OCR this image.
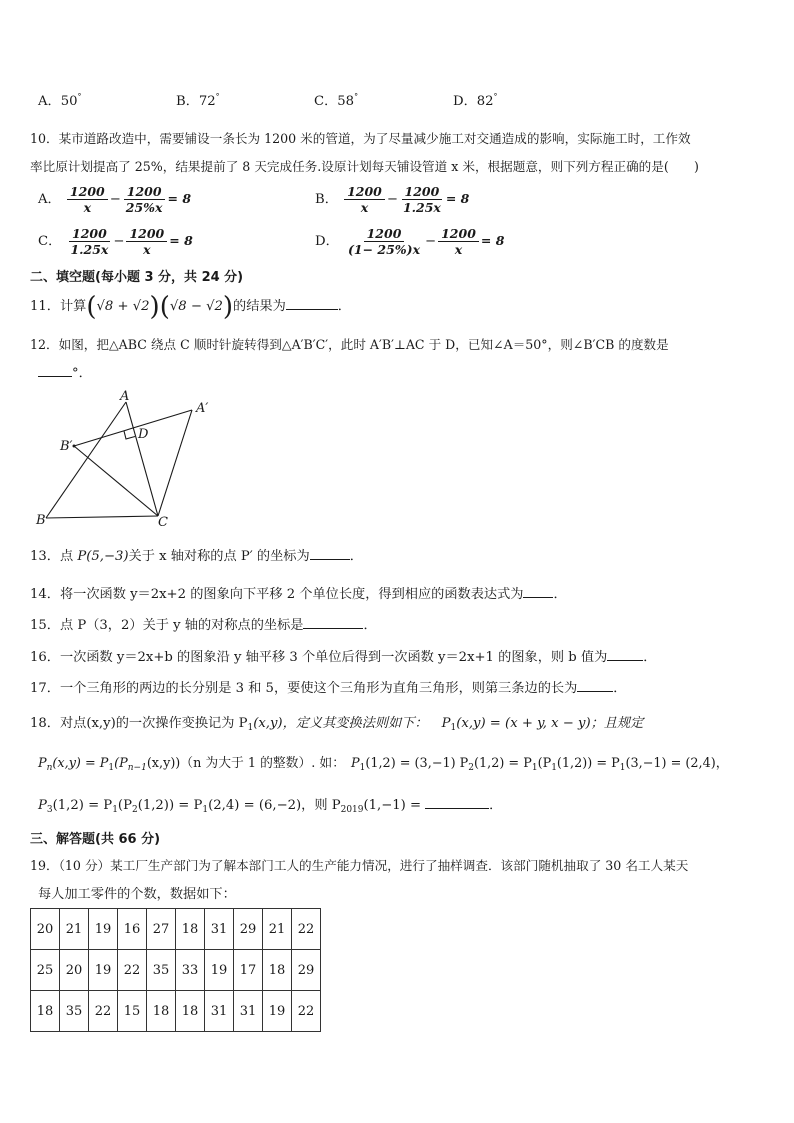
A．50°	B．72°	C．58°	D．82°
10．某市道路改造中，需要铺设一条长为 1200 米的管道，为了尽量减少施工对交通造成的影响，实际施工时，工作效
率比原计划提高了 25%，结果提前了 8 天完成任务.设原计划每天铺设管道 x 米，根据题意，则下列方程正确的是(　　)
A． $\frac{1200}{x} - \frac{1200}{25\%x} = 8$	B． $\frac{1200}{x} - \frac{1200}{1.25x} = 8$
C． $\frac{1200}{1.25x} - \frac{1200}{x} = 8$	D． $\frac{1200}{(1- 25\%)x} - \frac{1200}{x} = 8$
二、填空题(每小题 3 分，共 24 分)
11．计算(√8 + √2)(√8 − √2)的结果为	．
12．如图，把△ABC 绕点 C 顺时针旋转得到△A′B′C′，此时 A′B′⊥AC 于 D，已知∠A＝50°，则∠B′CB 的度数是
°．
A
A′
B′
D
B	C
13．点 P(5,−3)关于 x 轴对称的点 P′ 的坐标为	．
14．将一次函数 y＝2x+2 的图象向下平移 2 个单位长度，得到相应的函数表达式为 ．
15．点 P（3，2）关于 y 轴的对称点的坐标是	．
16．一次函数 y＝2x+b 的图象沿 y 轴平移 3 个单位后得到一次函数 y＝2x+1 的图象，则 b 值为	．
17．一个三角形的两边的长分别是 3 和 5，要使这个三角形为直角三角形，则第三条边的长为	．
18．对点(x,y)的一次操作变换记为 $P_1(x,y)$，定义其变换法则如下： $P_1(x,y) = (x + y$, x − y)；且规定
$P_n(x,y) = P_1(P_{n-1}(x,y))(n$ 为大于 1 的整数）. 如： $P_1(1,2) = (3,-1) P_2(1,2) = P_1(P_1(1,2)) = P_1(3,-1) = (2,4)$，
$P_3(1,2) = P_1(P_2(1,2)) = P_1(2,4) = (6,-2)$，则 $P_{2019}(1,-1)$ =	．
三、解答题(共 66 分)
19．（10 分）某工厂生产部门为了解本部门工人的生产能力情况，进行了抽样调查．该部门随机抽取了 30 名工人某天
每人加工零件的个数，数据如下：
20	21	19	16	27	18	31	29	21	22
25	20	19	22	35	33	19	17	18	29
18	35	22	15	18	18	31	31	19	22
